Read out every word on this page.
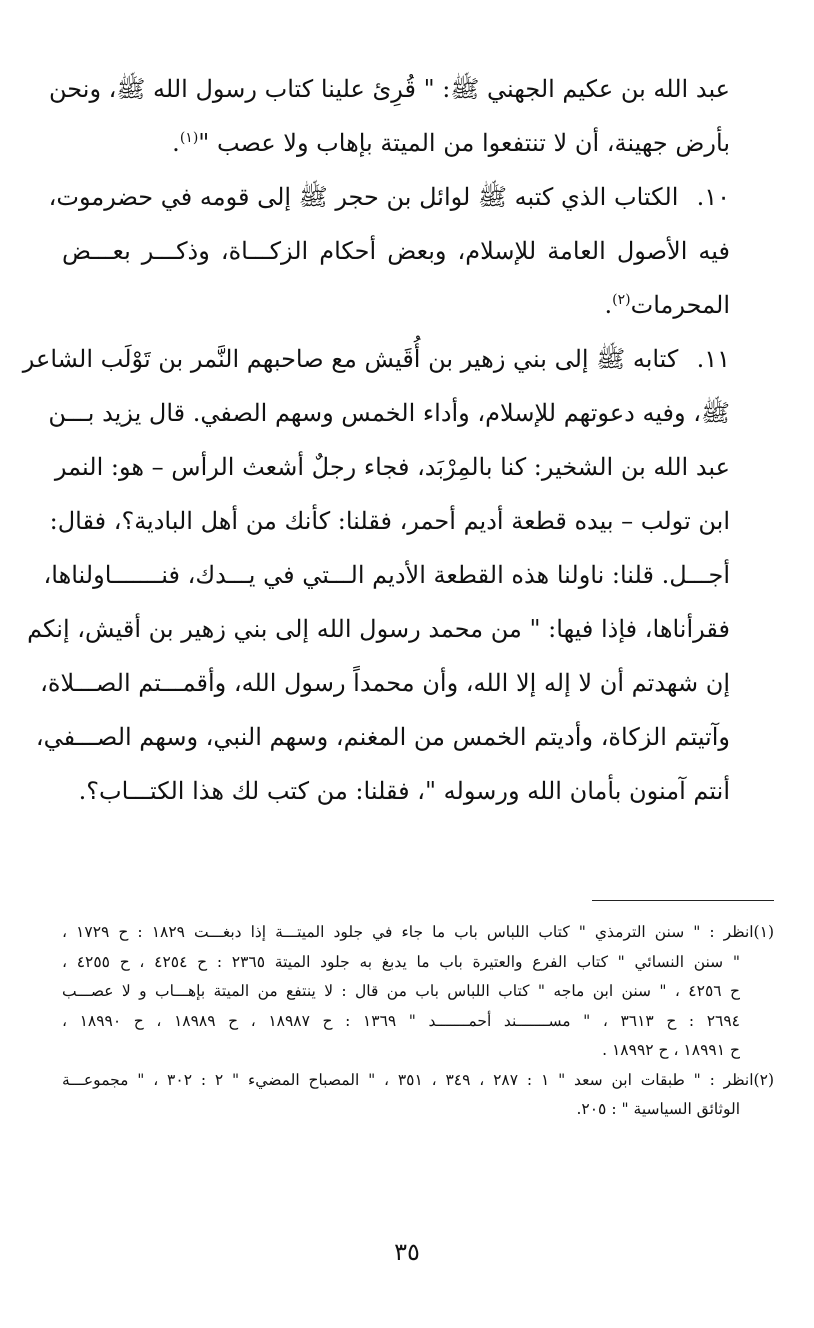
عبد الله بن عكيم الجهني ﷺ: " قُرِئ علينا كتاب رسول الله ﷺ، ونحن
بأرض جهينة، أن لا تنتفعوا من الميتة بإهاب ولا عصب "$^{(١)}$.
١٠. الكتاب الذي كتبه ﷺ لوائل بن حجر ﷺ إلى قومه في حضرموت،
فيه الأصول العامة للإسلام، وبعض أحكام الزكـــاة، وذكـــر بعـــض
المحرمات$^{(٢)}$.
١١. كتابه ﷺ إلى بني زهير بن أُقَيش مع صاحبهم النَّمر بن تَوْلَب الشاعر
ﷺ، وفيه دعوتهم للإسلام، وأداء الخمس وسهم الصفي. قال يزيد بـــن
عبد الله بن الشخير: كنا بالمِرْبَد، فجاء رجلٌ أشعث الرأس – هو: النمر
ابن تولب – بيده قطعة أديم أحمر، فقلنا: كأنك من أهل البادية؟، فقال:
أجـــل. قلنا: ناولنا هذه القطعة الأديم الـــتي في يـــدك، فنـــــــاولناها،
فقرأناها، فإذا فيها: " من محمد رسول الله إلى بني زهير بن أقيش، إنكم
إن شهدتم أن لا إله إلا الله، وأن محمداً رسول الله، وأقمـــتم الصـــلاة،
وآتيتم الزكاة، وأديتم الخمس من المغنم، وسهم النبي، وسهم الصـــفي،
أنتم آمنون بأمان الله ورسوله "، فقلنا: من كتب لك هذا الكتـــاب؟.
(١)انظر : " سنن الترمذي " كتاب اللباس باب ما جاء في جلود الميتـــة إذا دبغـــت ١٨٢٩ : ح ١٧٢٩ ،
" سنن النسائي " كتاب الفرع والعتيرة باب ما يدبغ به جلود الميتة ٢٣٦٥ : ح ٤٢٥٤ ، ح ٤٢٥٥ ،
ح ٤٢٥٦ ، " سنن ابن ماجه " كتاب اللباس باب من قال : لا ينتفع من الميتة بإهـــاب و لا عصـــب
٢٦٩٤ : ح ٣٦١٣ ، " مســـــــند أحمـــــــد " ١٣٦٩ : ح ١٨٩٨٧ ، ح ١٨٩٨٩ ، ح ١٨٩٩٠ ،
ح ١٨٩٩١ ، ح ١٨٩٩٢ .
(٢)انظر : " طبقات ابن سعد " ١ : ٢٨٧ ، ٣٤٩ ، ٣٥١ ، " المصباح المضيء " ٢ : ٣٠٢ ، " مجموعـــة
الوثائق السياسية " : ٢٠٥.
٣٥
